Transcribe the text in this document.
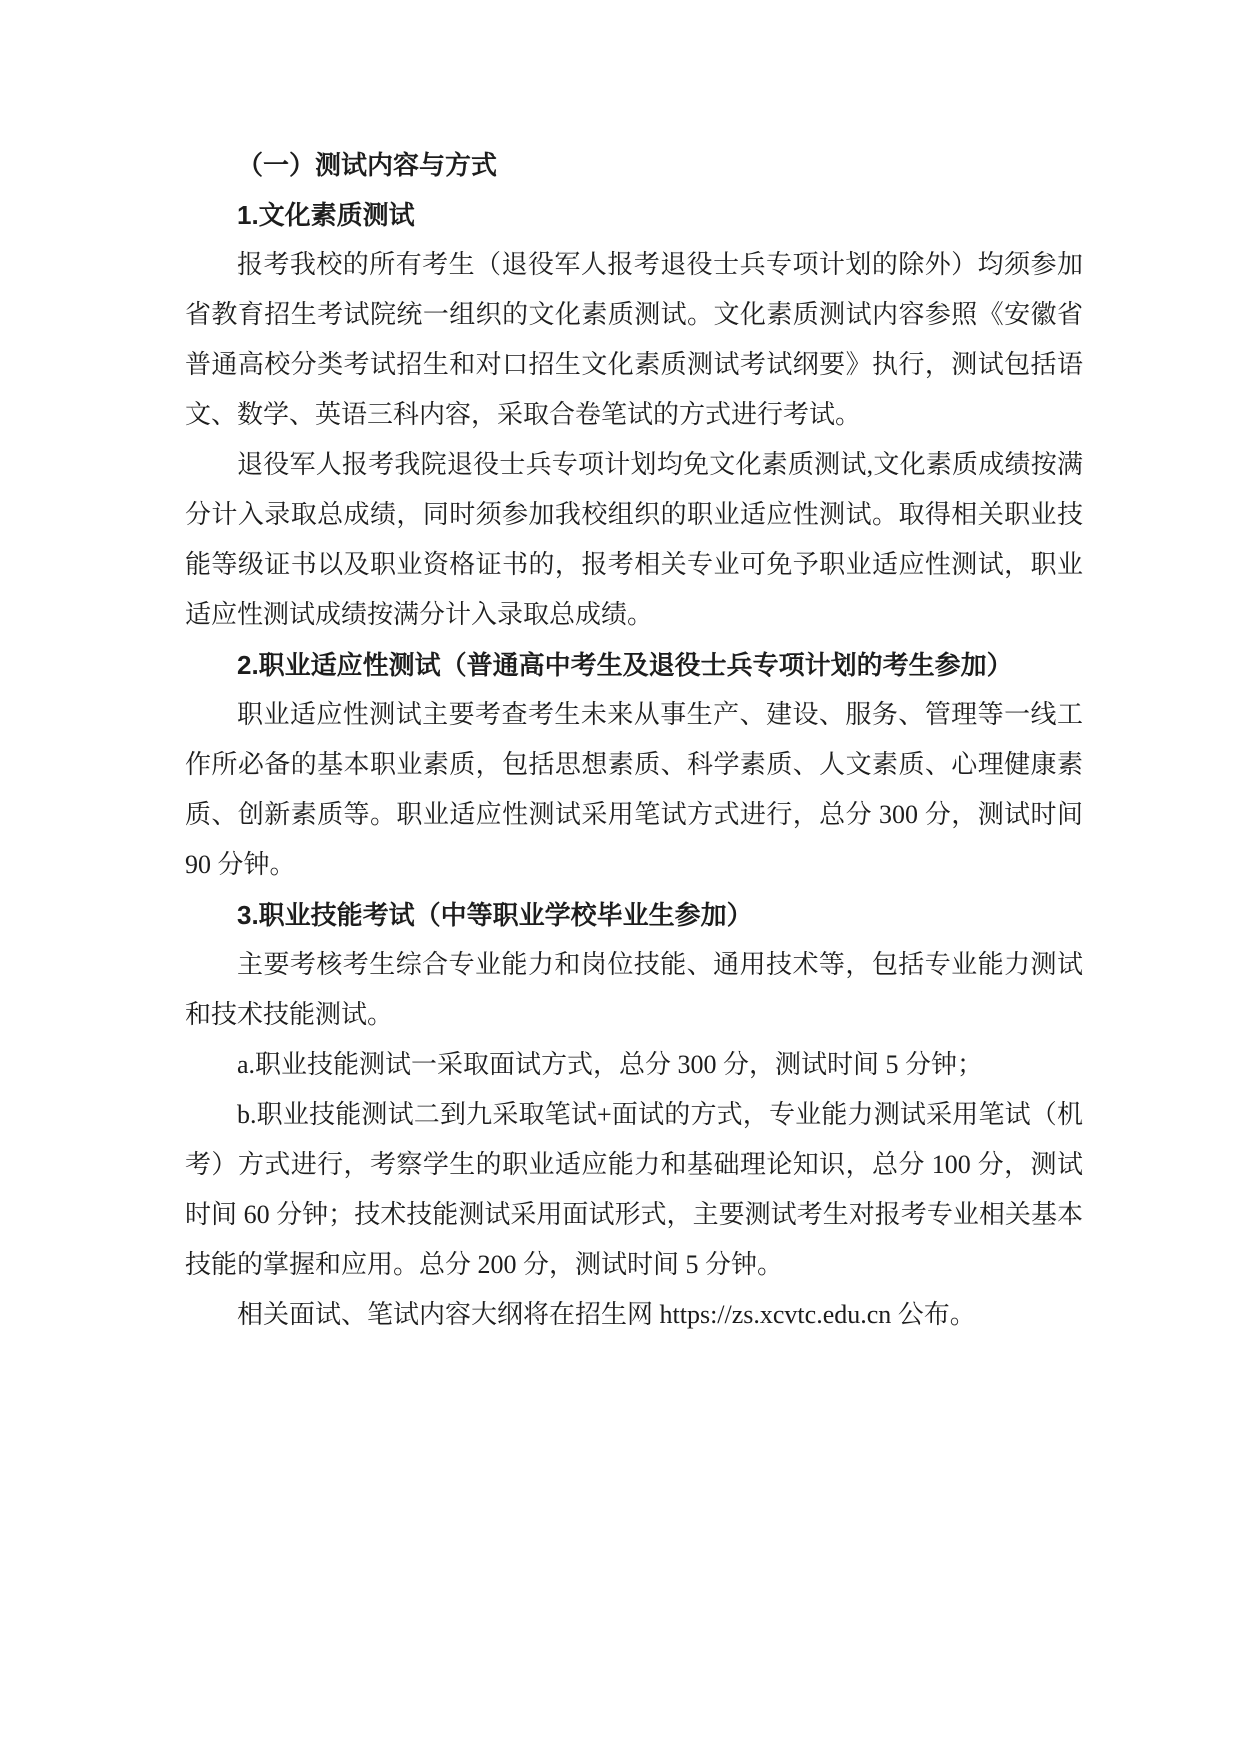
（一）测试内容与方式
1.文化素质测试

报考我校的所有考生（退役军人报考退役士兵专项计划的除外）均须参加省教育招生考试院统一组织的文化素质测试。文化素质测试内容参照《安徽省普通高校分类考试招生和对口招生文化素质测试考试纲要》执行，测试包括语文、数学、英语三科内容，采取合卷笔试的方式进行考试。

退役军人报考我院退役士兵专项计划均免文化素质测试,文化素质成绩按满分计入录取总成绩，同时须参加我校组织的职业适应性测试。取得相关职业技能等级证书以及职业资格证书的，报考相关专业可免予职业适应性测试，职业适应性测试成绩按满分计入录取总成绩。

2.职业适应性测试（普通高中考生及退役士兵专项计划的考生参加）

职业适应性测试主要考查考生未来从事生产、建设、服务、管理等一线工作所必备的基本职业素质，包括思想素质、科学素质、人文素质、心理健康素质、创新素质等。职业适应性测试采用笔试方式进行，总分 300 分，测试时间 90 分钟。

3.职业技能考试（中等职业学校毕业生参加）

主要考核考生综合专业能力和岗位技能、通用技术等，包括专业能力测试和技术技能测试。

a.职业技能测试一采取面试方式，总分 300 分，测试时间 5 分钟；

b.职业技能测试二到九采取笔试+面试的方式，专业能力测试采用笔试（机考）方式进行，考察学生的职业适应能力和基础理论知识，总分 100 分，测试时间 60 分钟；技术技能测试采用面试形式，主要测试考生对报考专业相关基本技能的掌握和应用。总分 200 分，测试时间 5 分钟。

相关面试、笔试内容大纲将在招生网 https://zs.xcvtc.edu.cn 公布。
